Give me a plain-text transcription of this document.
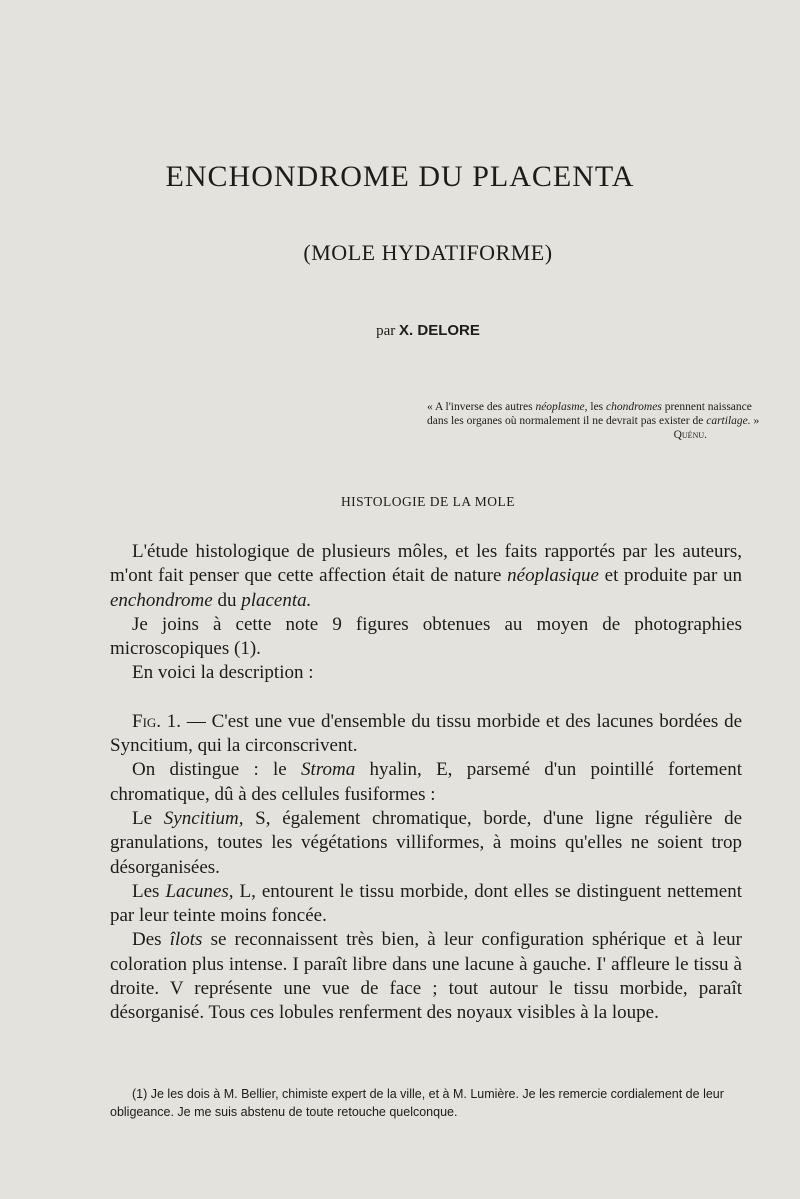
ENCHONDROME DU PLACENTA
(MOLE HYDATIFORME)
par X. DELORE
« A l'inverse des autres néoplasme, les chondromes prennent naissance dans les organes où normalement il ne devrait pas exister de cartilage. »
Quénu.
HISTOLOGIE DE LA MOLE

L'étude histologique de plusieurs môles, et les faits rapportés par les auteurs, m'ont fait penser que cette affection était de nature néoplasique et produite par un enchondrome du placenta.

Je joins à cette note 9 figures obtenues au moyen de photographies microscopiques (1).

En voici la description :

Fig. 1. — C'est une vue d'ensemble du tissu morbide et des lacunes bordées de Syncitium, qui la circonscrivent.

On distingue : le Stroma hyalin, E, parsemé d'un pointillé fortement chromatique, dû à des cellules fusiformes :

Le Syncitium, S, également chromatique, borde, d'une ligne régulière de granulations, toutes les végétations villiformes, à moins qu'elles ne soient trop désorganisées.

Les Lacunes, L, entourent le tissu morbide, dont elles se distinguent nettement par leur teinte moins foncée.

Des îlots se reconnaissent très bien, à leur configuration sphérique et à leur coloration plus intense. I paraît libre dans une lacune à gauche. I' affleure le tissu à droite. V représente une vue de face ; tout autour le tissu morbide, paraît désorganisé. Tous ces lobules renferment des noyaux visibles à la loupe.

(1) Je les dois à M. Bellier, chimiste expert de la ville, et à M. Lumière. Je les remercie cordialement de leur obligeance. Je me suis abstenu de toute retouche quelconque.
